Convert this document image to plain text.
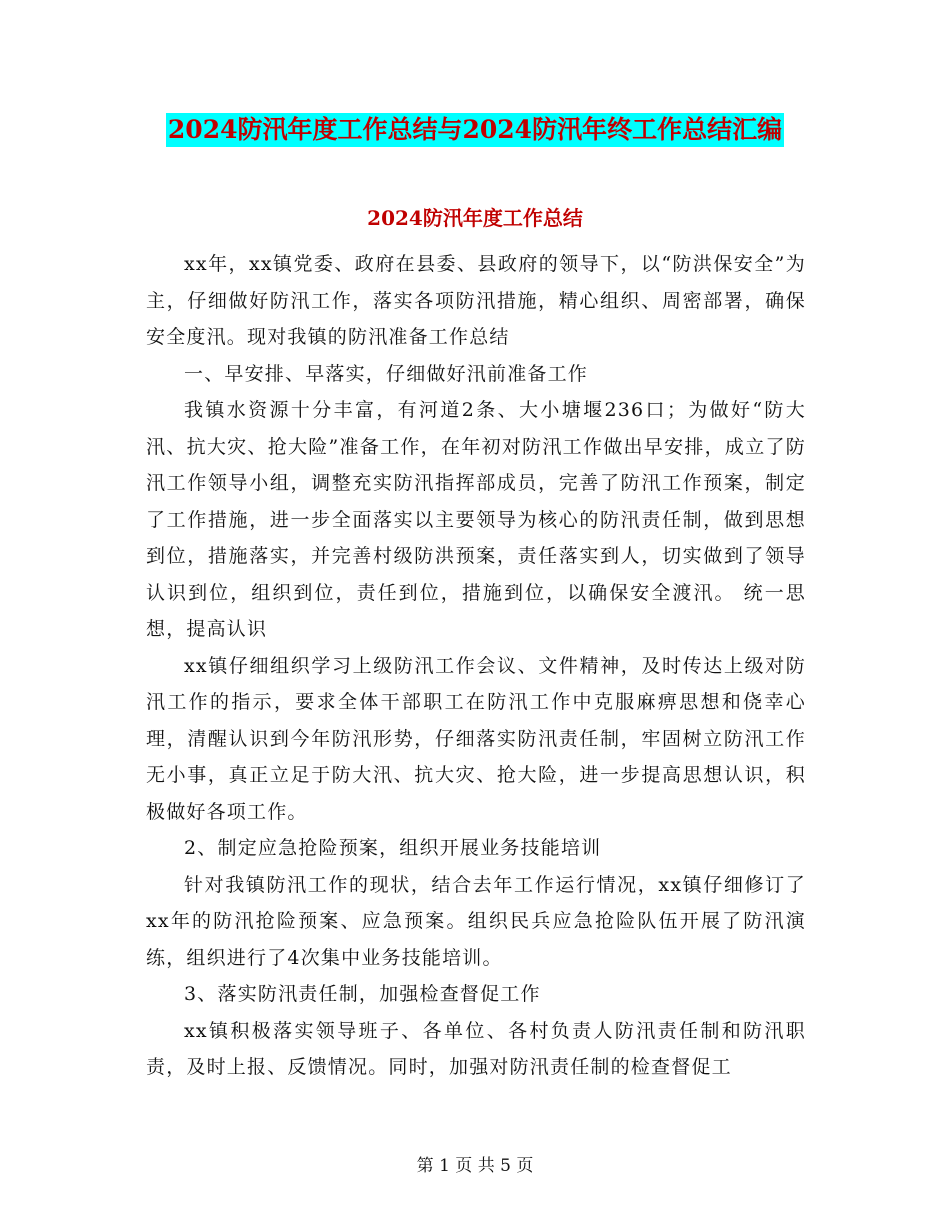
2024防汛年度工作总结与2024防汛年终工作总结汇编
2024防汛年度工作总结

xx年，xx镇党委、政府在县委、县政府的领导下，以“防洪保安全”为主，仔细做好防汛工作，落实各项防汛措施，精心组织、周密部署，确保安全度汛。现对我镇的防汛准备工作总结

一、早安排、早落实，仔细做好汛前准备工作

我镇水资源十分丰富，有河道2条、大小塘堰236口；为做好“防大汛、抗大灾、抢大险”准备工作，在年初对防汛工作做出早安排，成立了防汛工作领导小组，调整充实防汛指挥部成员，完善了防汛工作预案，制定了工作措施，进一步全面落实以主要领导为核心的防汛责任制，做到思想到位，措施落实，并完善村级防洪预案，责任落实到人，切实做到了领导认识到位，组织到位，责任到位，措施到位，以确保安全渡汛。 统一思想，提高认识

xx镇仔细组织学习上级防汛工作会议、文件精神，及时传达上级对防汛工作的指示，要求全体干部职工在防汛工作中克服麻痹思想和侥幸心理，清醒认识到今年防汛形势，仔细落实防汛责任制，牢固树立防汛工作无小事，真正立足于防大汛、抗大灾、抢大险，进一步提高思想认识，积极做好各项工作。

2、制定应急抢险预案，组织开展业务技能培训

针对我镇防汛工作的现状，结合去年工作运行情况，xx镇仔细修订了xx年的防汛抢险预案、应急预案。组织民兵应急抢险队伍开展了防汛演练，组织进行了4次集中业务技能培训。

3、落实防汛责任制，加强检查督促工作

xx镇积极落实领导班子、各单位、各村负责人防汛责任制和防汛职责，及时上报、反馈情况。同时，加强对防汛责任制的检查督促工

第 1 页 共 5 页
